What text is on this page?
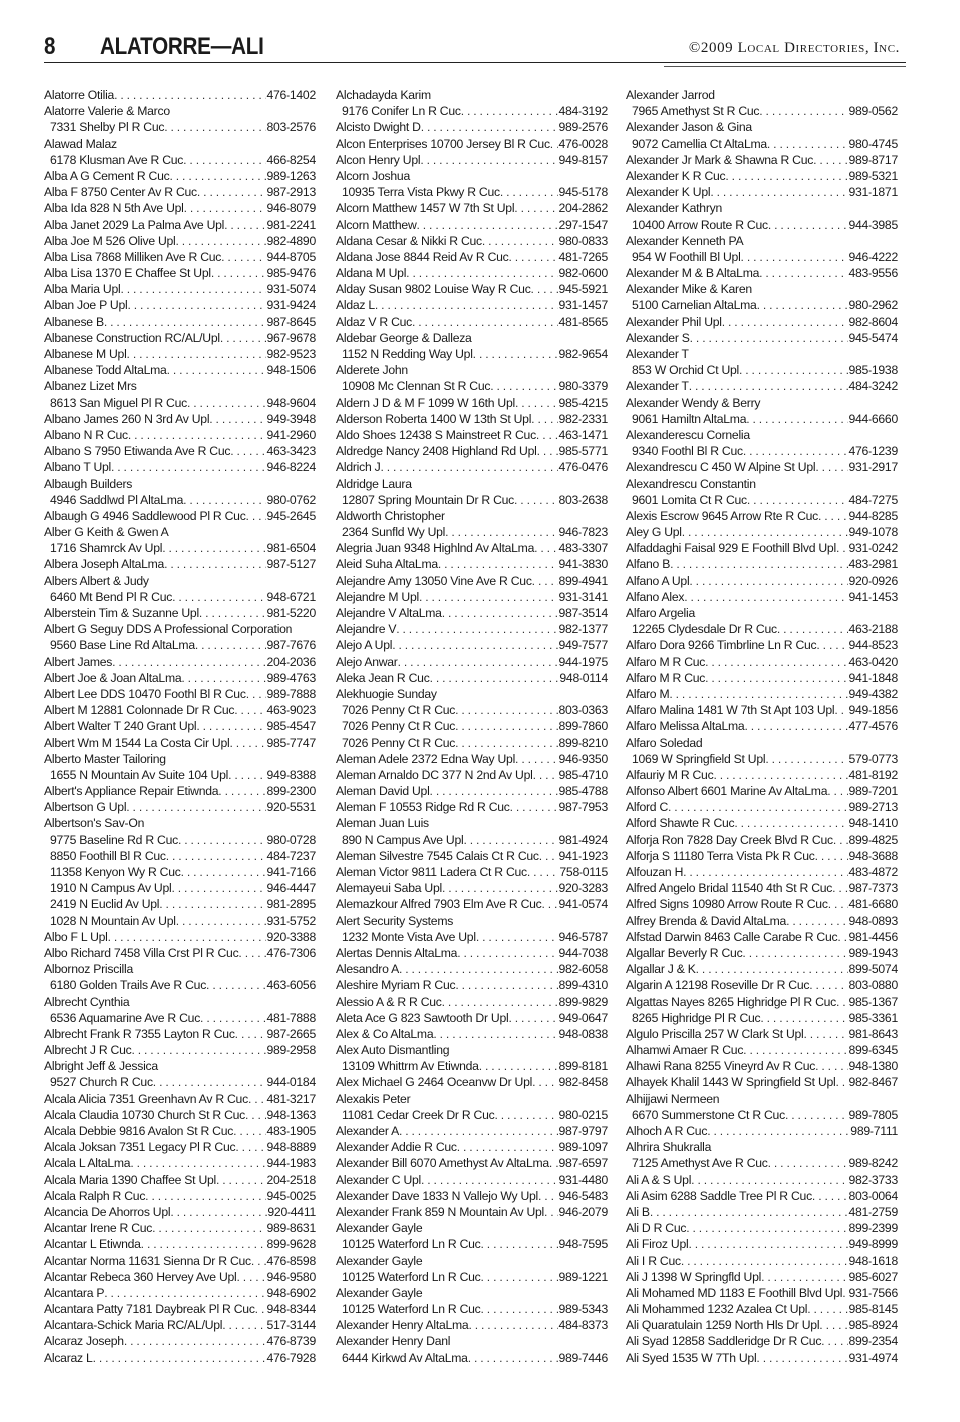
8 ALATORRE—ALI	©2009 Local Directories, Inc.
Alatorre Otilia . . .	476-1402
Alatorre Valerie & Marco
7331 Shelby Pl R Cuc . . .	803-2576
Alawad Malaz
6178 Klusman Ave R Cuc . . .	466-8254
Alba A G Cement R Cuc . . .	989-1263
Alba F 8750 Center Av R Cuc . . .	987-2913
Alba Ida 828 N 5th Ave Upl . . .	946-8079
Alba Janet 2029 La Palma Ave Upl . . .	981-2241
Alba Joe M 526 Olive Upl . . .	982-4890
Alba Lisa 7868 Milliken Ave R Cuc . . .	944-8705
Alba Lisa 1370 E Chaffee St Upl . . .	985-9476
Alba Maria Upl . . .	931-5074
Alban Joe P Upl . . .	931-9424
Albanese B . . .	987-8645
Albanese Construction RC/AL/Upl . . .	967-9678
Albanese M Upl . . .	982-9523
Albanese Todd AltaLma . . .	948-1506
Albanez Lizet Mrs
8613 San Miguel Pl R Cuc . . .	948-9604
Albano James 260 N 3rd Av Upl . . .	949-3948
Albano N R Cuc . . .	941-2960
Albano S 7950 Etiwanda Ave R Cuc . . .	463-3423
Albano T Upl . . .	946-8224
Albaugh Builders
4946 Saddlwd Pl AltaLma . . .	980-0762
Albaugh G 4946 Saddlewood Pl R Cuc . . . 945-2645
Alber G Keith & Gwen A
1716 Shamrck Av Upl . . .	981-6504
Albera Joseph AltaLma . . .	987-5127
Albers Albert & Judy
6460 Mt Bend Pl R Cuc . . .	948-6721
Alberstein Tim & Suzanne Upl . . .	981-5220
Albert G Seguy DDS A Professional Corporation
9560 Base Line Rd AltaLma . . .	987-7676
Albert James . . .	204-2036
Albert Joe & Joan AltaLma . . .	989-4763
Albert Lee DDS 10470 Foothl Bl R Cuc . . . 989-7888
Albert M 12881 Colonnade Dr R Cuc . . .	463-9023
Albert Walter T 240 Grant Upl . . .	985-4547
Albert Wm M 1544 La Costa Cir Upl . . .	985-7747
Alberto Master Tailoring
1655 N Mountain Av Suite 104 Upl . . .	949-8388
Albert's Appliance Repair Etiwnda . . .	899-2300
Albertson G Upl . . .	920-5531
Albertson's Sav-On
9775 Baseline Rd R Cuc . . .	980-0728
8850 Foothill Bl R Cuc . . .	484-7237
11358 Kenyon Wy R Cuc . . .	941-7166
1910 N Campus Av Upl . . .	946-4447
2419 N Euclid Av Upl . . .	981-2895
1028 N Mountain Av Upl . . .	931-5752
Albo F L Upl . . .	920-3388
Albo Richard 7458 Villa Crst Pl R Cuc . . . 476-7306
Albornoz Priscilla
6180 Golden Trails Ave R Cuc . . .	463-6056
Albrecht Cynthia
6536 Aquamarine Ave R Cuc . . .	481-7888
Albrecht Frank R 7355 Layton R Cuc . . .	987-2665
Albrecht J R Cuc . . .	989-2958
Albright Jeff & Jessica
9527 Church R Cuc . . .	944-0184
Alcala Alicia 7351 Greenhavn Av R Cuc . . . 481-3217
Alcala Claudia 10730 Church St R Cuc . . . 948-1363
Alcala Debbie 9816 Avalon St R Cuc . . .	483-1905
Alcala Joksan 7351 Legacy Pl R Cuc . . .	948-8889
Alcala L AltaLma . . .	944-1983
Alcala Maria 1390 Chaffee St Upl . . .	204-2518
Alcala Ralph R Cuc . . .	945-0025
Alcancia De Ahorros Upl . . .	920-4411
Alcantar Irene R Cuc . . .	989-8631
Alcantar L Etiwnda . . .	899-9628
Alcantar Norma 11631 Sienna Dr R Cuc . . . 476-8598
Alcantar Rebeca 360 Hervey Ave Upl . . . 946-9580
Alcantara P . . .	948-6902
Alcantara Patty 7181 Daybreak Pl R Cuc . . . 948-8344
Alcantara-Schick Maria RC/AL/Upl . . .	517-3144
Alcaraz Joseph . . .	476-8739
Alcaraz L . . .	476-7928
Alchadayda Karim
9176 Conifer Ln R Cuc . . .	484-3192
Alcisto Dwight D . . .	989-2576
Alcon Enterprises 10700 Jersey Bl R Cuc . . . 476-0028
Alcon Henry Upl . . .	949-8157
Alcorn Joshua
10935 Terra Vista Pkwy R Cuc . . .	945-5178
Alcorn Matthew 1457 W 7th St Upl . . .	204-2862
Alcorn Matthew . . .	297-1547
Aldana Cesar & Nikki R Cuc . . .	980-0833
Aldana Jose 8844 Reid Av R Cuc . . .	481-7265
Aldana M Upl . . .	982-0600
Alday Susan 9802 Louise Way R Cuc . . . 945-5921
Aldaz L . . .	931-1457
Aldaz V R Cuc . . .	481-8565
Aldebar George & Dalleza
1152 N Redding Way Upl . . .	982-9654
Alderete John
10908 Mc Clennan St R Cuc . . .	980-3379
Aldern J D & M F 1099 W 16th Upl . . .	985-4215
Alderson Roberta 1400 W 13th St Upl . . . 982-2331
Aldo Shoes 12438 S Mainstreet R Cuc . . . 463-1471
Aldredge Nancy 2408 Highland Rd Upl . . . 985-5771
Aldrich J . . .	476-0476
Aldridge Laura
12807 Spring Mountain Dr R Cuc . . .	803-2638
Aldworth Christopher
2364 Sunfld Wy Upl . . .	946-7823
Alegria Juan 9348 Highlnd Av AltaLma . . . 483-3307
Aleid Suha AltaLma . . .	941-3830
Alejandre Amy 13050 Vine Ave R Cuc . . . 899-4941
Alejandre M Upl . . .	931-3141
Alejandre V AltaLma . . .	987-3514
Alejandre V . . .	982-1377
Alejo A Upl . . .	949-7577
Alejo Anwar . . .	944-1975
Aleka Jean R Cuc . . .	948-0114
Alekhuogie Sunday
7026 Penny Ct R Cuc . . .	803-0363
7026 Penny Ct R Cuc . . .	899-7860
7026 Penny Ct R Cuc . . .	899-8210
Aleman Adele 2372 Edna Way Upl . . .	946-9350
Aleman Arnaldo DC 377 N 2nd Av Upl . . . 985-4710
Aleman David Upl . . .	985-4788
Aleman F 10553 Ridge Rd R Cuc . . .	987-7953
Aleman Juan Luis
890 N Campus Ave Upl . . .	981-4924
Aleman Silvestre 7545 Calais Ct R Cuc . . . 941-1923
Aleman Victor 9811 Ladera Ct R Cuc . . .	758-0115
Alemayeui Saba Upl . . .	920-3283
Alemazkour Alfred 7903 Elm Ave R Cuc . . . 941-0574
Alert Security Systems
1232 Monte Vista Ave Upl . . .	946-5787
Alertas Dennis AltaLma . . .	944-7038
Alesandro A . . .	982-6058
Aleshire Myriam R Cuc . . .	899-4310
Alessio A & R R Cuc . . .	899-9829
Aleta Ace G 823 Sawtooth Dr Upl . . .	949-0647
Alex & Co AltaLma . . .	948-0838
Alex Auto Dismantling
13109 Whittrm Av Etiwnda . . .	899-8181
Alex Michael G 2464 Oceanvw Dr Upl . . . 982-8458
Alexakis Peter
11081 Cedar Creek Dr R Cuc . . .	980-0215
Alexander A . . .	987-9797
Alexander Addie R Cuc . . .	989-1097
Alexander Bill 6070 Amethyst Av AltaLma . . . 987-6597
Alexander C Upl . . .	931-4480
Alexander Dave 1833 N Vallejo Wy Upl . . . 946-5483
Alexander Frank 859 N Mountain Av Upl . . . 946-2079
Alexander Gayle
10125 Waterford Ln R Cuc . . .	948-7595
Alexander Gayle
10125 Waterford Ln R Cuc . . .	989-1221
Alexander Gayle
10125 Waterford Ln R Cuc . . .	989-5343
Alexander Henry AltaLma . . .	484-8373
Alexander Henry Danl
6444 Kirkwd Av AltaLma . . .	989-7446
Alexander Jarrod
7965 Amethyst St R Cuc . . .	989-0562
Alexander Jason & Gina
9072 Camellia Ct AltaLma . . .	980-4745
Alexander Jr Mark & Shawna R Cuc . . .	989-8717
Alexander K R Cuc . . .	989-5321
Alexander K Upl . . .	931-1871
Alexander Kathryn
10400 Arrow Route R Cuc . . .	944-3985
Alexander Kenneth PA
954 W Foothill Bl Upl . . .	946-4222
Alexander M & B AltaLma . . .	483-9556
Alexander Mike & Karen
5100 Carnelian AltaLma . . .	980-2962
Alexander Phil Upl . . .	982-8604
Alexander S . . .	945-5474
Alexander T
853 W Orchid Ct Upl . . .	985-1938
Alexander T . . .	484-3242
Alexander Wendy & Berry
9061 Hamiltn AltaLma . . .	944-6660
Alexanderescu Cornelia
9340 Foothl Bl R Cuc . . .	476-1239
Alexandrescu C 450 W Alpine St Upl . . .	931-2917
Alexandrescu Constantin
9601 Lomita Ct R Cuc . . .	484-7275
Alexis Escrow 9645 Arrow Rte R Cuc . . . 944-8285
Aley G Upl . . .	949-1078
Alfaddaghi Faisal 929 E Foothill Blvd Upl . . . 931-0242
Alfano B . . .	483-2981
Alfano A Upl . . .	920-0926
Alfano Alex . . .	941-1453
Alfaro Argelia
12265 Clydesdale Dr R Cuc . . .	463-2188
Alfaro Dora 9266 Timbrline Ln R Cuc . . .	944-8523
Alfaro M R Cuc . . .	463-0420
Alfaro M R Cuc . . .	941-1848
Alfaro M . . .	949-4382
Alfaro Malina 1481 W 7th St Apt 103 Upl . . . 949-1856
Alfaro Melissa AltaLma . . .	477-4576
Alfaro Soledad
1069 W Springfield St Upl . . .	579-0773
Alfauriy M R Cuc . . .	481-8192
Alfonso Albert 6601 Marine Av AltaLma . . . 989-7201
Alford C . . .	989-2713
Alford Shawte R Cuc . . .	948-1410
Alforja Ron 7828 Day Creek Blvd R Cuc . . . 899-4825
Alforja S 11180 Terra Vista Pk R Cuc . . .	948-3688
Alfouzan H . . .	483-4872
Alfred Angelo Bridal 11540 4th St R Cuc . . . 987-7373
Alfred Signs 10980 Arrow Route R Cuc . . . 481-6680
Alfrey Brenda & David AltaLma . . .	948-0893
Alfstad Darwin 8463 Calle Carabe R Cuc . . . 981-4456
Algallar Beverly R Cuc . . .	989-1943
Algallar J & K . . .	899-5074
Algarin A 12198 Roseville Dr R Cuc . . .	803-0880
Algattas Nayes 8265 Highridge Pl R Cuc . . . 985-1367
8265 Highridge Pl R Cuc . . .	985-3361
Algulo Priscilla 257 W Clark St Upl . . .	981-8643
Alhamwi Amaer R Cuc . . .	899-6345
Alhawi Rana 8255 Vineyrd Av R Cuc . . .	948-1380
Alhayek Khalil 1443 W Springfield St Upl . . . 982-8467
Alhijjawi Nermeen
6670 Summerstone Ct R Cuc . . .	989-7805
Alhoch A R Cuc . . .	989-7111
Alhrira Shukralla
7125 Amethyst Ave R Cuc . . .	989-8242
Ali A & S Upl . . .	982-3733
Ali Asim 6288 Saddle Tree Pl R Cuc . . .	803-0064
Ali B . . .	481-2759
Ali D R Cuc . . .	899-2399
Ali Firoz Upl . . .	949-8999
Ali I R Cuc . . .	948-1618
Ali J 1398 W Springfld Upl . . .	985-6027
Ali Mohamed MD 1183 E Foothill Blvd Upl . . . 931-7566
Ali Mohammed 1232 Azalea Ct Upl . . .	985-8145
Ali Quaratulain 1259 North Hls Dr Upl . . . 985-8924
Ali Syad 12858 Saddleridge Dr R Cuc . . . 899-2354
Ali Syed 1535 W 7Th Upl . . .	931-4974
